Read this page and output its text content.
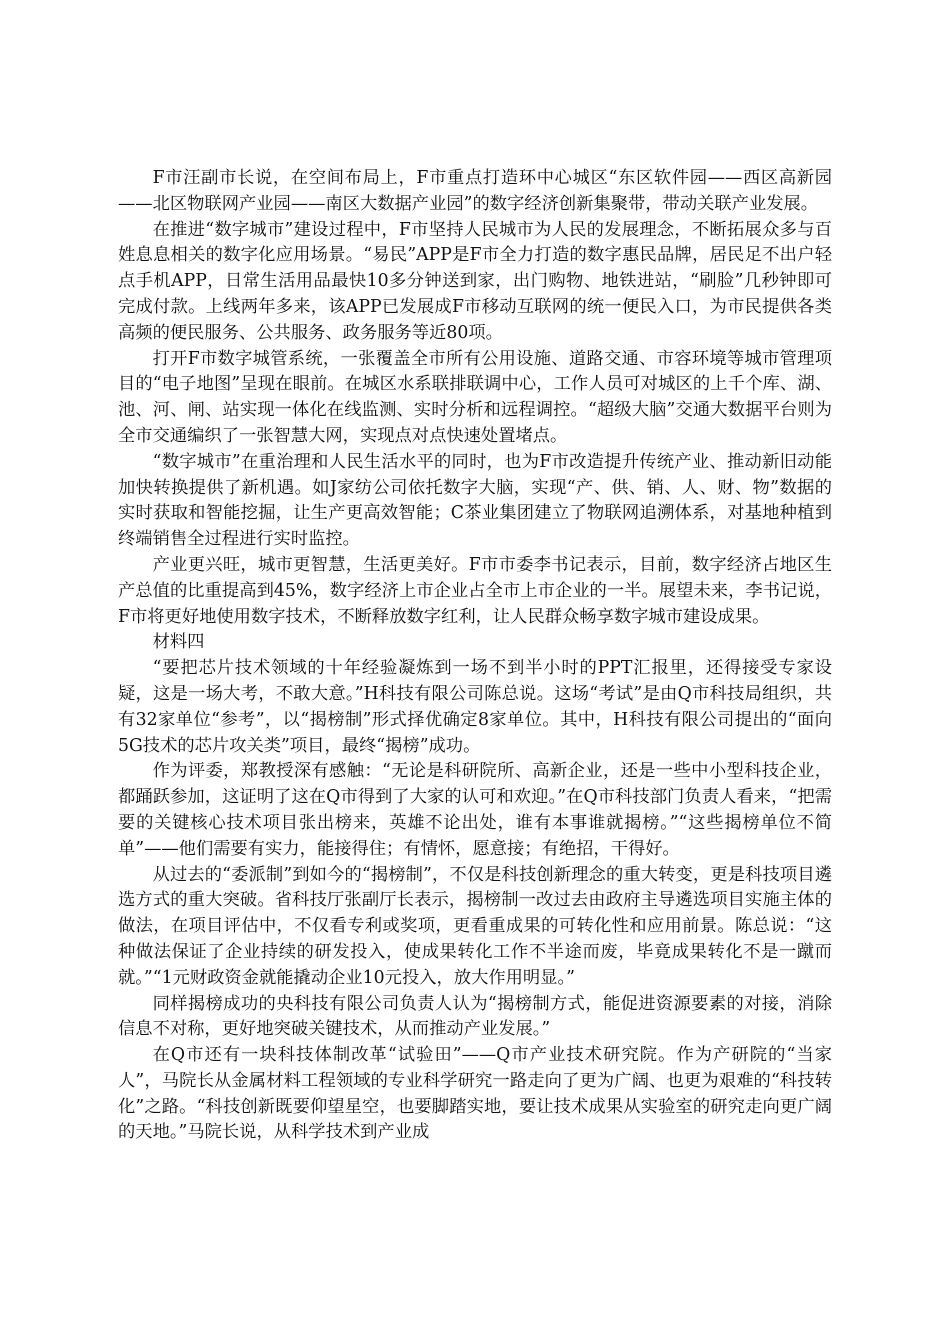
F市汪副市长说，在空间布局上，F市重点打造环中心城区“东区软件园——西区高新园——北区物联网产业园——南区大数据产业园”的数字经济创新集聚带，带动关联产业发展。

在推进“数字城市”建设过程中，F市坚持人民城市为人民的发展理念，不断拓展众多与百姓息息相关的数字化应用场景。“易民”APP是F市全力打造的数字惠民品牌，居民足不出户轻点手机APP，日常生活用品最快10多分钟送到家，出门购物、地铁进站，“刷脸”几秒钟即可完成付款。上线两年多来，该APP已发展成F市移动互联网的统一便民入口，为市民提供各类高频的便民服务、公共服务、政务服务等近80项。

打开F市数字城管系统，一张覆盖全市所有公用设施、道路交通、市容环境等城市管理项目的“电子地图”呈现在眼前。在城区水系联排联调中心，工作人员可对城区的上千个库、湖、池、河、闸、站实现一体化在线监测、实时分析和远程调控。“超级大脑”交通大数据平台则为全市交通编织了一张智慧大网，实现点对点快速处置堵点。

“数字城市”在重治理和人民生活水平的同时，也为F市改造提升传统产业、推动新旧动能加快转换提供了新机遇。如J家纺公司依托数字大脑，实现“产、供、销、人、财、物”数据的实时获取和智能挖掘，让生产更高效智能；C茶业集团建立了物联网追溯体系，对基地种植到终端销售全过程进行实时监控。

产业更兴旺，城市更智慧，生活更美好。F市市委李书记表示，目前，数字经济占地区生产总值的比重提高到45%，数字经济上市企业占全市上市企业的一半。展望未来，李书记说，F市将更好地使用数字技术，不断释放数字红利，让人民群众畅享数字城市建设成果。

材料四

“要把芯片技术领域的十年经验凝炼到一场不到半小时的PPT汇报里，还得接受专家设疑，这是一场大考，不敢大意。”H科技有限公司陈总说。这场“考试”是由Q市科技局组织，共有32家单位“参考”，以“揭榜制”形式择优确定8家单位。其中，H科技有限公司提出的“面向5G技术的芯片攻关类”项目，最终“揭榜”成功。

作为评委，郑教授深有感触：“无论是科研院所、高新企业，还是一些中小型科技企业，都踊跃参加，这证明了这在Q市得到了大家的认可和欢迎。”在Q市科技部门负责人看来，“把需要的关键核心技术项目张出榜来，英雄不论出处，谁有本事谁就揭榜。”“这些揭榜单位不简单”——他们需要有实力，能接得住；有情怀，愿意接；有绝招，干得好。

从过去的“委派制”到如今的“揭榜制”，不仅是科技创新理念的重大转变，更是科技项目遴选方式的重大突破。省科技厅张副厅长表示，揭榜制一改过去由政府主导遴选项目实施主体的做法，在项目评估中，不仅看专利或奖项，更看重成果的可转化性和应用前景。陈总说：“这种做法保证了企业持续的研发投入，使成果转化工作不半途而废，毕竟成果转化不是一蹴而就。”“1元财政资金就能撬动企业10元投入，放大作用明显。”

同样揭榜成功的央科技有限公司负责人认为“揭榜制方式，能促进资源要素的对接，消除信息不对称，更好地突破关键技术，从而推动产业发展。”

在Q市还有一块科技体制改革“试验田”——Q市产业技术研究院。作为产研院的“当家人”，马院长从金属材料工程领域的专业科学研究一路走向了更为广阔、也更为艰难的“科技转化”之路。“科技创新既要仰望星空，也要脚踏实地，要让技术成果从实验室的研究走向更广阔的天地。”马院长说，从科学技术到产业成
